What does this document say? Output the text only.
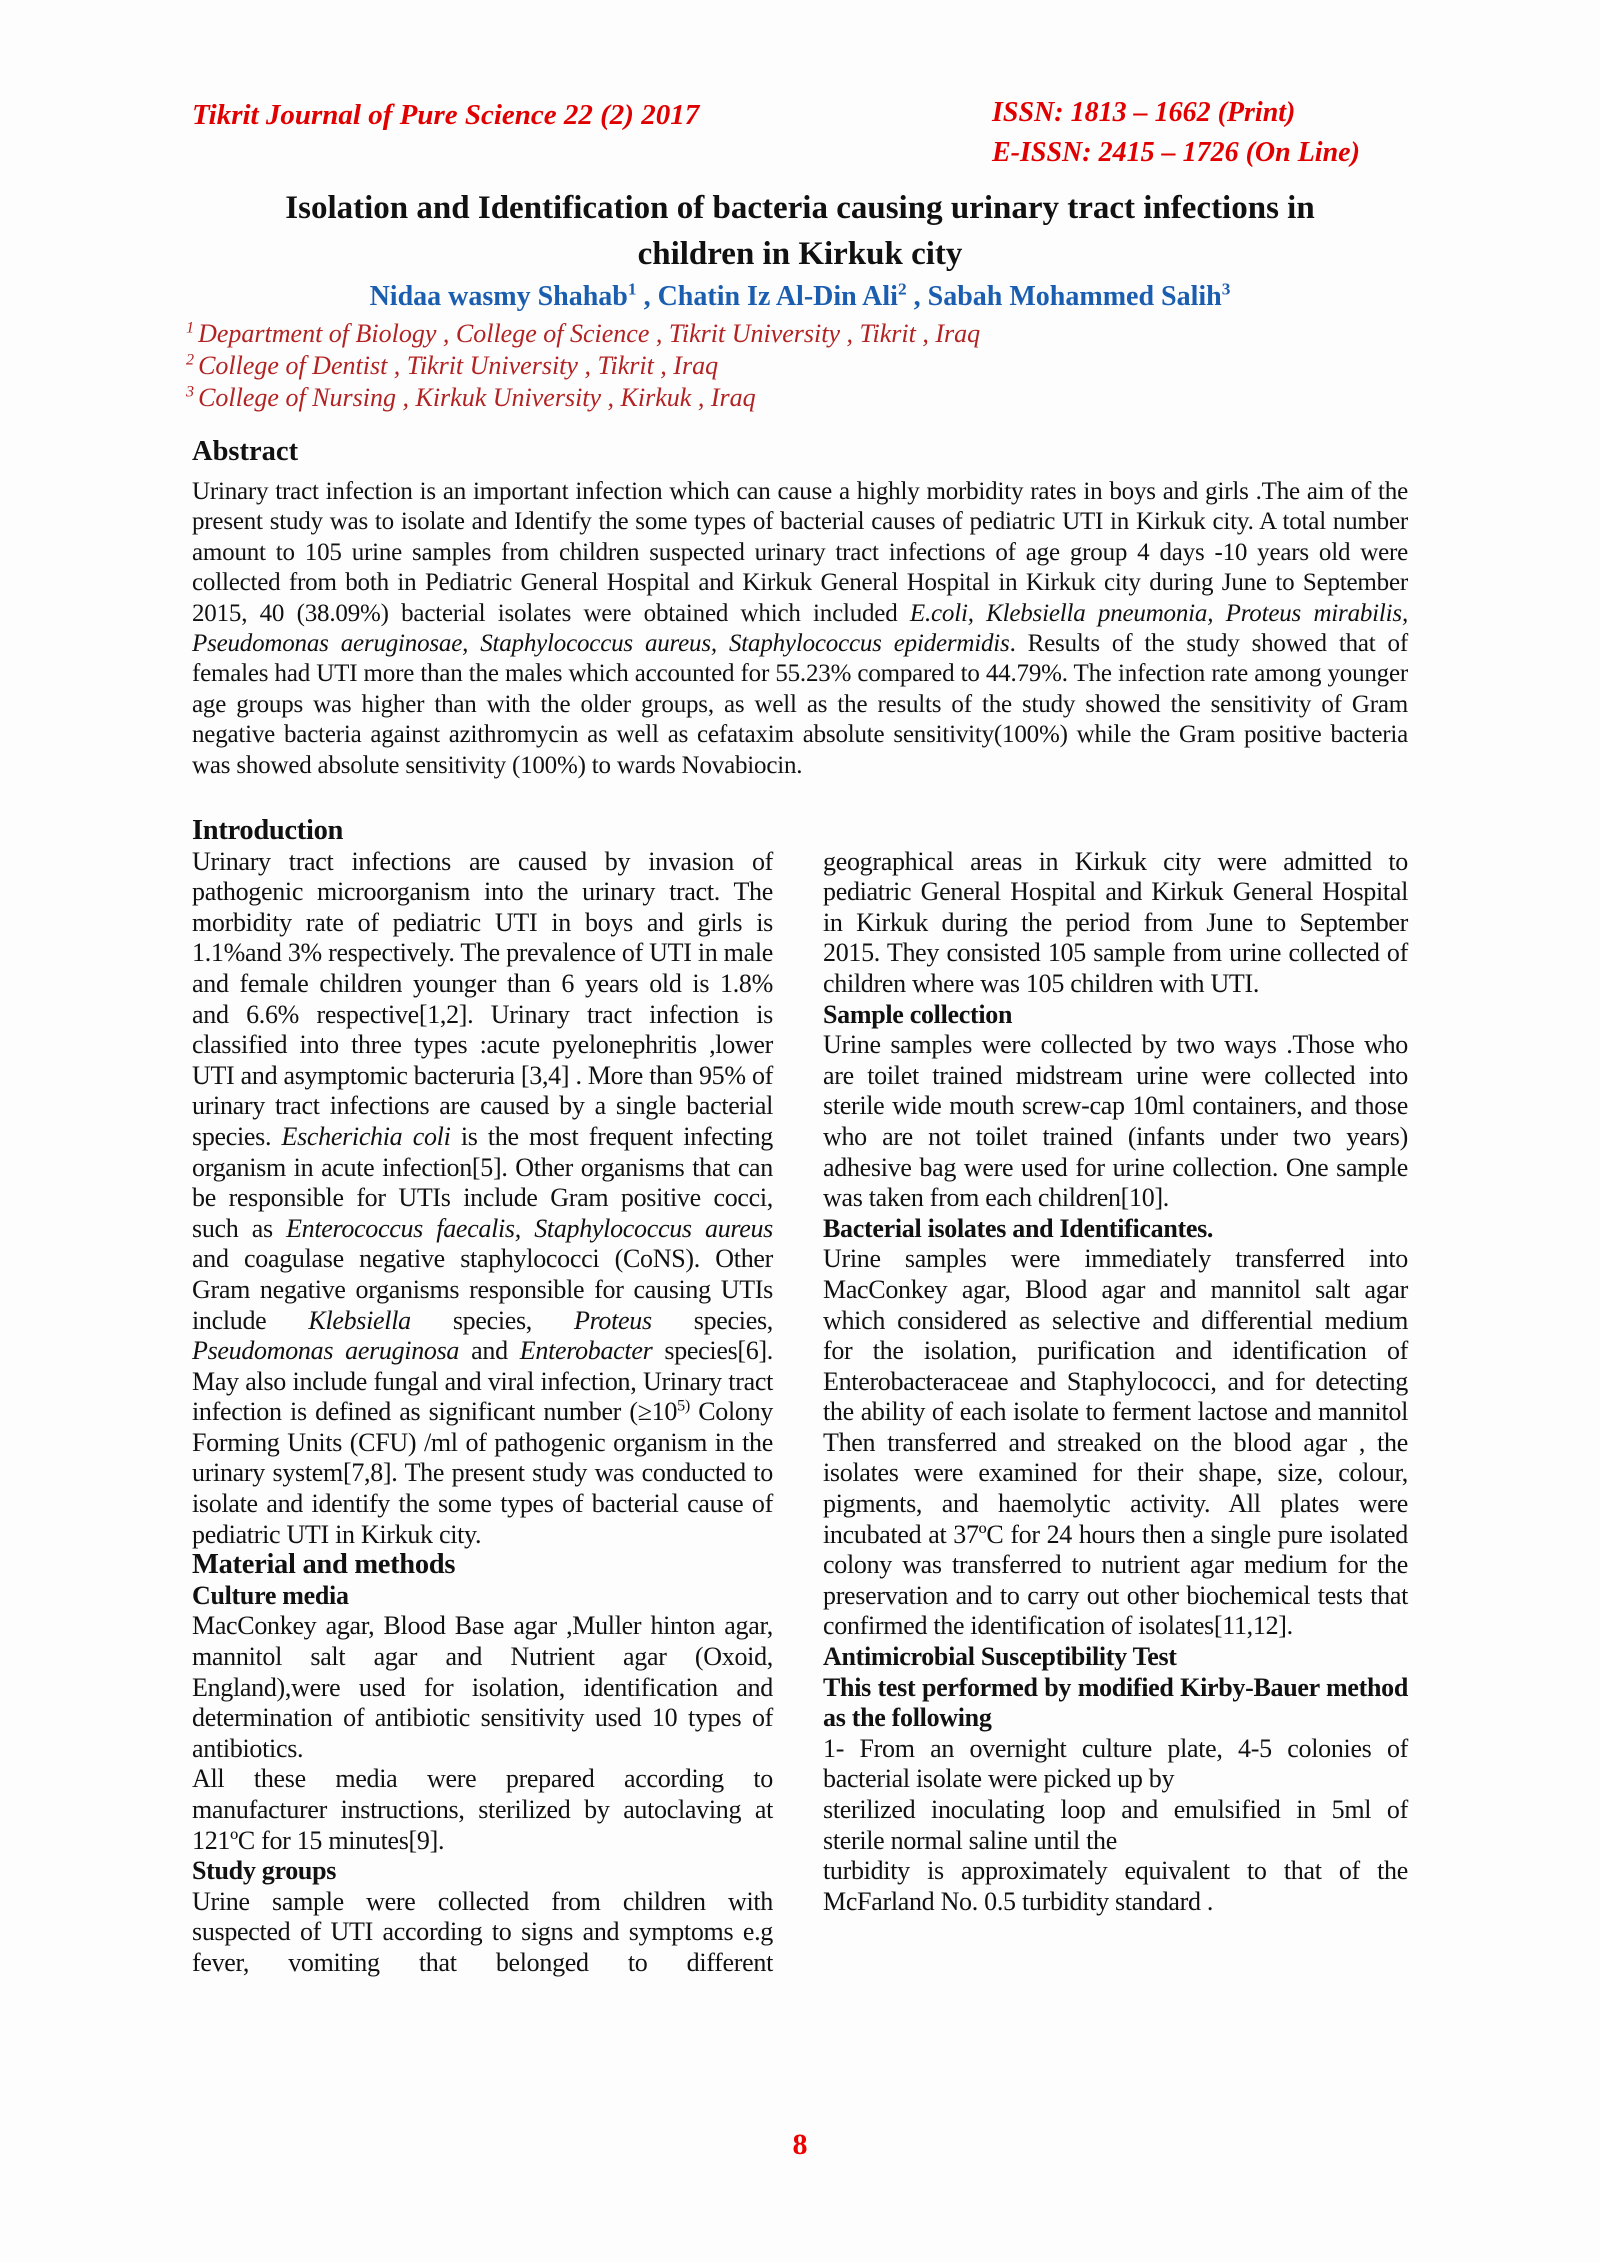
Tikrit Journal of Pure Science 22 (2) 2017	ISSN: 1813 – 1662 (Print)
E-ISSN: 2415 – 1726 (On Line)
Isolation and Identification of bacteria causing urinary tract infections in
children in Kirkuk city
Nidaa wasmy Shahab$^1$ , Chatin Iz Al-Din Ali$^2$ , Sabah Mohammed Salih$^3$
$^1$ Department of Biology , College of Science , Tikrit University , Tikrit , Iraq
$^2$ College of Dentist , Tikrit University , Tikrit , Iraq
$^3$ College of Nursing , Kirkuk University , Kirkuk , Iraq
Abstract
Urinary tract infection is an important infection which can cause a highly morbidity rates in boys and girls .The aim of the present study was to isolate and Identify the some types of bacterial causes of pediatric UTI in Kirkuk city. A total number amount to 105 urine samples from children suspected urinary tract infections of age group 4 days -10 years old were collected from both in Pediatric General Hospital and Kirkuk General Hospital in Kirkuk city during June to September 2015, 40 (38.09%) bacterial isolates were obtained which included E.coli, Klebsiella pneumonia, Proteus mirabilis, Pseudomonas aeruginosae, Staphylococcus aureus, Staphylococcus epidermidis. Results of the study showed that of females had UTI more than the males which accounted for 55.23% compared to 44.79%. The infection rate among younger age groups was higher than with the older groups, as well as the results of the study showed the sensitivity of Gram negative bacteria against azithromycin as well as cefataxim absolute sensitivity(100%) while the Gram positive bacteria was showed absolute sensitivity (100%) to wards Novabiocin.
Introduction
Urinary tract infections are caused by invasion of pathogenic microorganism into the urinary tract. The morbidity rate of pediatric UTI in boys and girls is 1.1%and 3% respectively. The prevalence of UTI in male and female children younger than 6 years old is 1.8% and 6.6% respective[1,2]. Urinary tract infection is classified into three types :acute pyelonephritis ,lower UTI and asymptomic bacteruria [3,4] . More than 95% of urinary tract infections are caused by a single bacterial species. Escherichia coli is the most frequent infecting organism in acute infection[5]. Other organisms that can be responsible for UTIs include Gram positive cocci, such as Enterococcus faecalis, Staphylococcus aureus and coagulase negative staphylococci (CoNS). Other Gram negative organisms responsible for causing UTIs include Klebsiella species, Proteus species, Pseudomonas aeruginosa and Enterobacter species[6]. May also include fungal and viral infection, Urinary tract infection is defined as significant number ($\ge 10^{5)}$ Colony Forming Units (CFU) /ml of pathogenic organism in the urinary system[7,8]. The present study was conducted to isolate and identify the some types of bacterial cause of pediatric UTI in Kirkuk city.
Material and methods
Culture media
MacConkey agar, Blood Base agar ,Muller hinton agar, mannitol salt agar and Nutrient agar (Oxoid, England),were used for isolation, identification and determination of antibiotic sensitivity used 10 types of antibiotics.
All these media were prepared according to manufacturer instructions, sterilized by autoclaving at 121ºC for 15 minutes[9].
Study groups
Urine sample were collected from children with suspected of UTI according to signs and symptoms e.g fever, vomiting that belonged to different
geographical areas in Kirkuk city were admitted to pediatric General Hospital and Kirkuk General Hospital in Kirkuk during the period from June to September 2015. They consisted 105 sample from urine collected of children where was 105 children with UTI.
Sample collection
Urine samples were collected by two ways .Those who are toilet trained midstream urine were collected into sterile wide mouth screw-cap 10ml containers, and those who are not toilet trained (infants under two years) adhesive bag were used for urine collection. One sample was taken from each children[10].
Bacterial isolates and Identificantes.
Urine samples were immediately transferred into MacConkey agar, Blood agar and mannitol salt agar which considered as selective and differential medium for the isolation, purification and identification of Enterobacteraceae and Staphylococci, and for detecting the ability of each isolate to ferment lactose and mannitol Then transferred and streaked on the blood agar , the isolates were examined for their shape, size, colour, pigments, and haemolytic activity. All plates were incubated at 37ºC for 24 hours then a single pure isolated colony was transferred to nutrient agar medium for the preservation and to carry out other biochemical tests that confirmed the identification of isolates[11,12].
Antimicrobial Susceptibility Test
This test performed by modified Kirby-Bauer method as the following
1- From an overnight culture plate, 4-5 colonies of bacterial isolate were picked up by
sterilized inoculating loop and emulsified in 5ml of sterile normal saline until the
turbidity is approximately equivalent to that of the McFarland No. 0.5 turbidity standard .
8
